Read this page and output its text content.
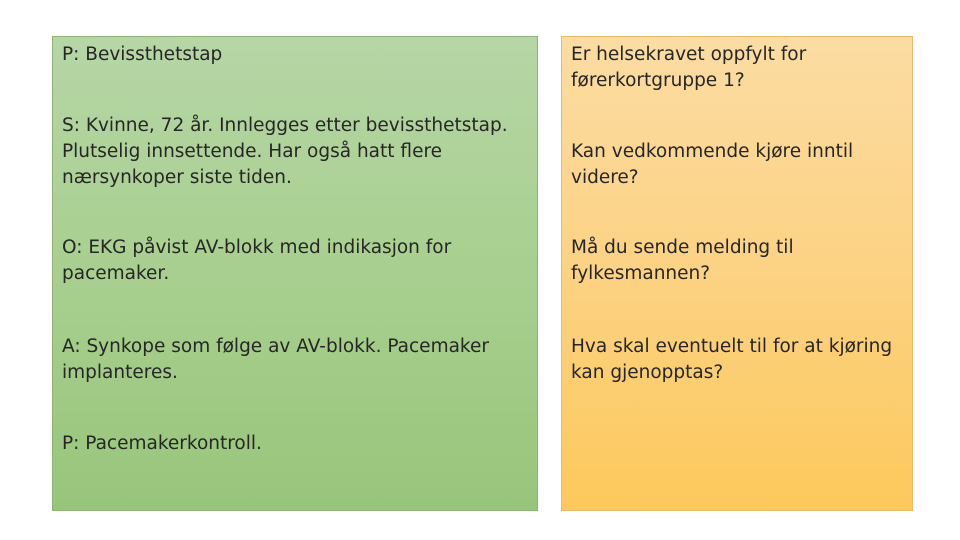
P: Bevissthetstap

S: Kvinne, 72 år. Innlegges etter bevissthetstap.
Plutselig innsettende. Har også hatt flere
nærsynkoper siste tiden.

O: EKG påvist AV-blokk med indikasjon for
pacemaker.

A: Synkope som følge av AV-blokk. Pacemaker
implanteres.

P: Pacemakerkontroll.

Er helsekravet oppfylt for
førerkortgruppe 1?

Kan vedkommende kjøre inntil
videre?

Må du sende melding til
fylkesmannen?

Hva skal eventuelt til for at kjøring
kan gjenopptas?
